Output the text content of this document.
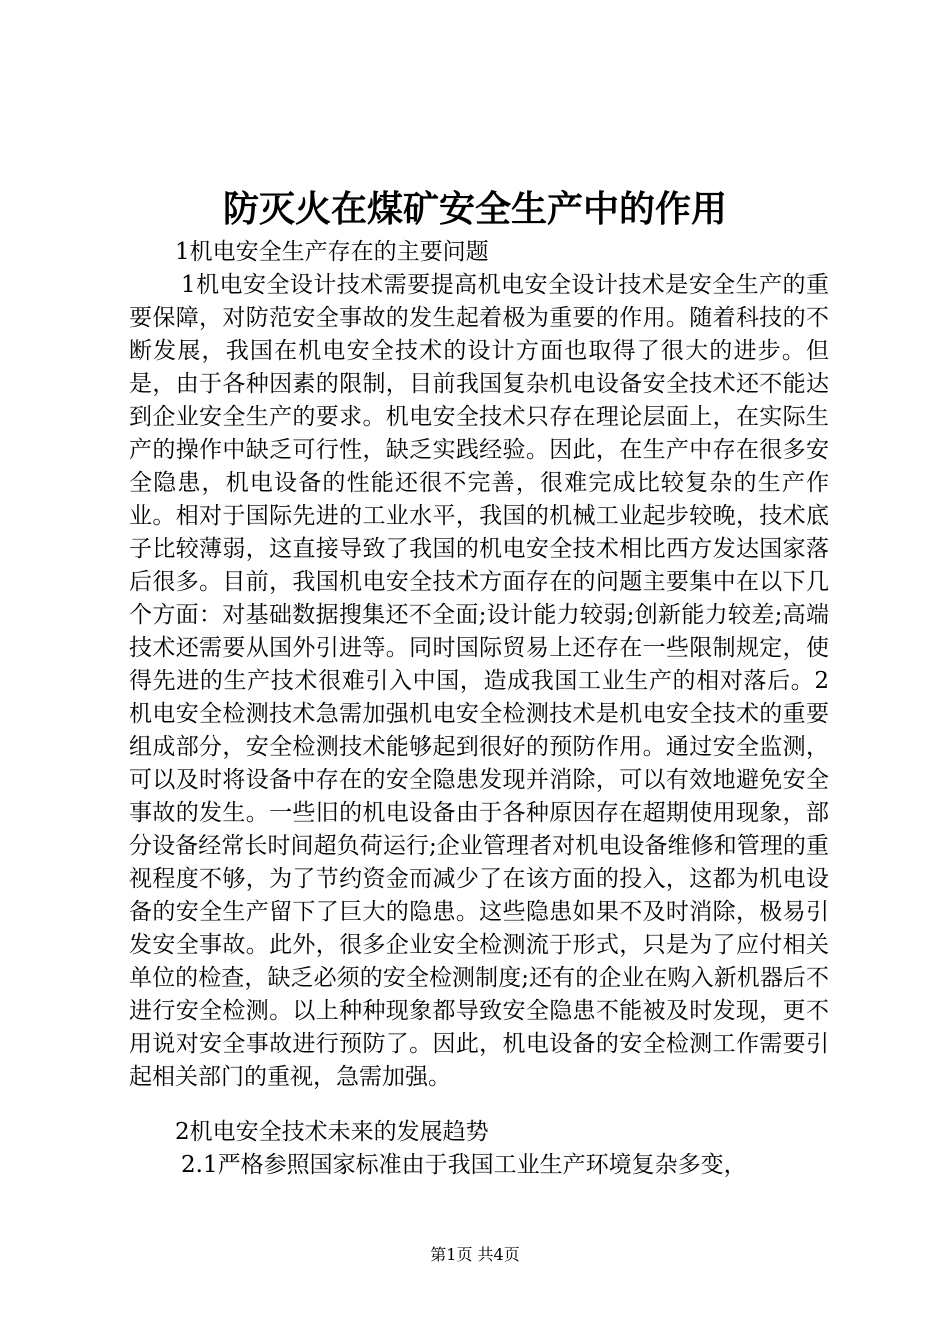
防灭火在煤矿安全生产中的作用

1机电安全生产存在的主要问题

1机电安全设计技术需要提高机电安全设计技术是安全生产的重要保障，对防范安全事故的发生起着极为重要的作用。随着科技的不断发展，我国在机电安全技术的设计方面也取得了很大的进步。但是，由于各种因素的限制，目前我国复杂机电设备安全技术还不能达到企业安全生产的要求。机电安全技术只存在理论层面上，在实际生产的操作中缺乏可行性，缺乏实践经验。因此，在生产中存在很多安全隐患，机电设备的性能还很不完善，很难完成比较复杂的生产作业。相对于国际先进的工业水平，我国的机械工业起步较晚，技术底子比较薄弱，这直接导致了我国的机电安全技术相比西方发达国家落后很多。目前，我国机电安全技术方面存在的问题主要集中在以下几个方面：对基础数据搜集还不全面;设计能力较弱;创新能力较差;高端技术还需要从国外引进等。同时国际贸易上还存在一些限制规定，使得先进的生产技术很难引入中国，造成我国工业生产的相对落后。2机电安全检测技术急需加强机电安全检测技术是机电安全技术的重要组成部分，安全检测技术能够起到很好的预防作用。通过安全监测，可以及时将设备中存在的安全隐患发现并消除，可以有效地避免安全事故的发生。一些旧的机电设备由于各种原因存在超期使用现象，部分设备经常长时间超负荷运行;企业管理者对机电设备维修和管理的重视程度不够，为了节约资金而减少了在该方面的投入，这都为机电设备的安全生产留下了巨大的隐患。这些隐患如果不及时消除，极易引发安全事故。此外，很多企业安全检测流于形式，只是为了应付相关单位的检查，缺乏必须的安全检测制度;还有的企业在购入新机器后不进行安全检测。以上种种现象都导致安全隐患不能被及时发现，更不用说对安全事故进行预防了。因此，机电设备的安全检测工作需要引起相关部门的重视，急需加强。

2机电安全技术未来的发展趋势

2.1严格参照国家标准由于我国工业生产环境复杂多变，

第1页 共4页
